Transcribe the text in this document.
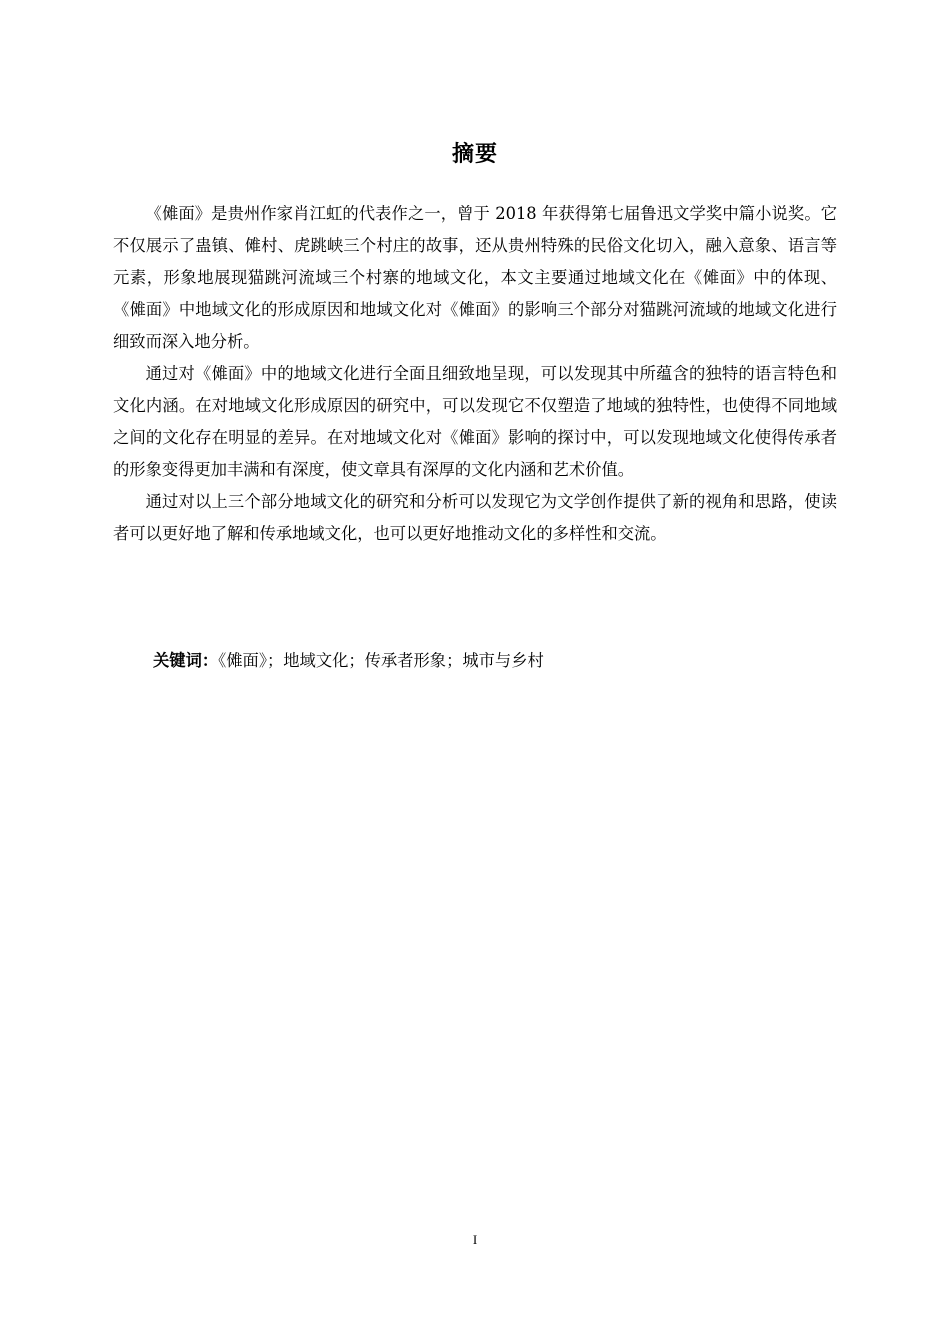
摘要

《傩面》是贵州作家肖江虹的代表作之一，曾于 2018 年获得第七届鲁迅文学奖中篇小说奖。它不仅展示了蛊镇、傩村、虎跳峡三个村庄的故事，还从贵州特殊的民俗文化切入，融入意象、语言等元素，形象地展现猫跳河流域三个村寨的地域文化，本文主要通过地域文化在《傩面》中的体现、《傩面》中地域文化的形成原因和地域文化对《傩面》的影响三个部分对猫跳河流域的地域文化进行细致而深入地分析。

通过对《傩面》中的地域文化进行全面且细致地呈现，可以发现其中所蕴含的独特的语言特色和文化内涵。在对地域文化形成原因的研究中，可以发现它不仅塑造了地域的独特性，也使得不同地域之间的文化存在明显的差异。在对地域文化对《傩面》影响的探讨中，可以发现地域文化使得传承者的形象变得更加丰满和有深度，使文章具有深厚的文化内涵和艺术价值。

通过对以上三个部分地域文化的研究和分析可以发现它为文学创作提供了新的视角和思路，使读者可以更好地了解和传承地域文化，也可以更好地推动文化的多样性和交流。

关键词：《傩面》；地域文化；传承者形象；城市与乡村
I
